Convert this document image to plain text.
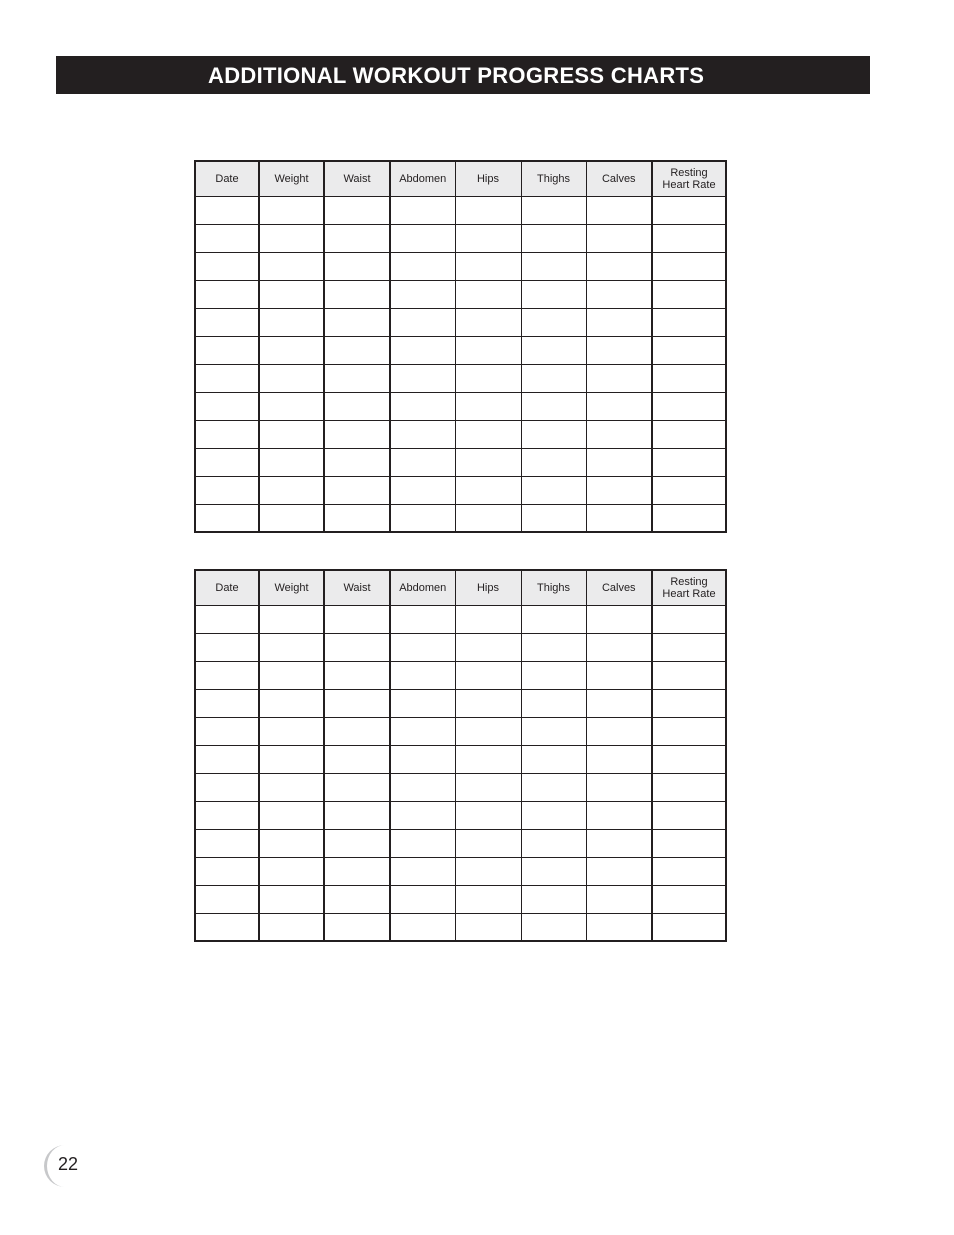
ADDITIONAL WORKOUT PROGRESS CHARTS
Date	Weight	Waist	Abdomen	Hips	Thighs	Calves	Resting Heart Rate

Date	Weight	Waist	Abdomen	Hips	Thighs	Calves	Resting Heart Rate

22
